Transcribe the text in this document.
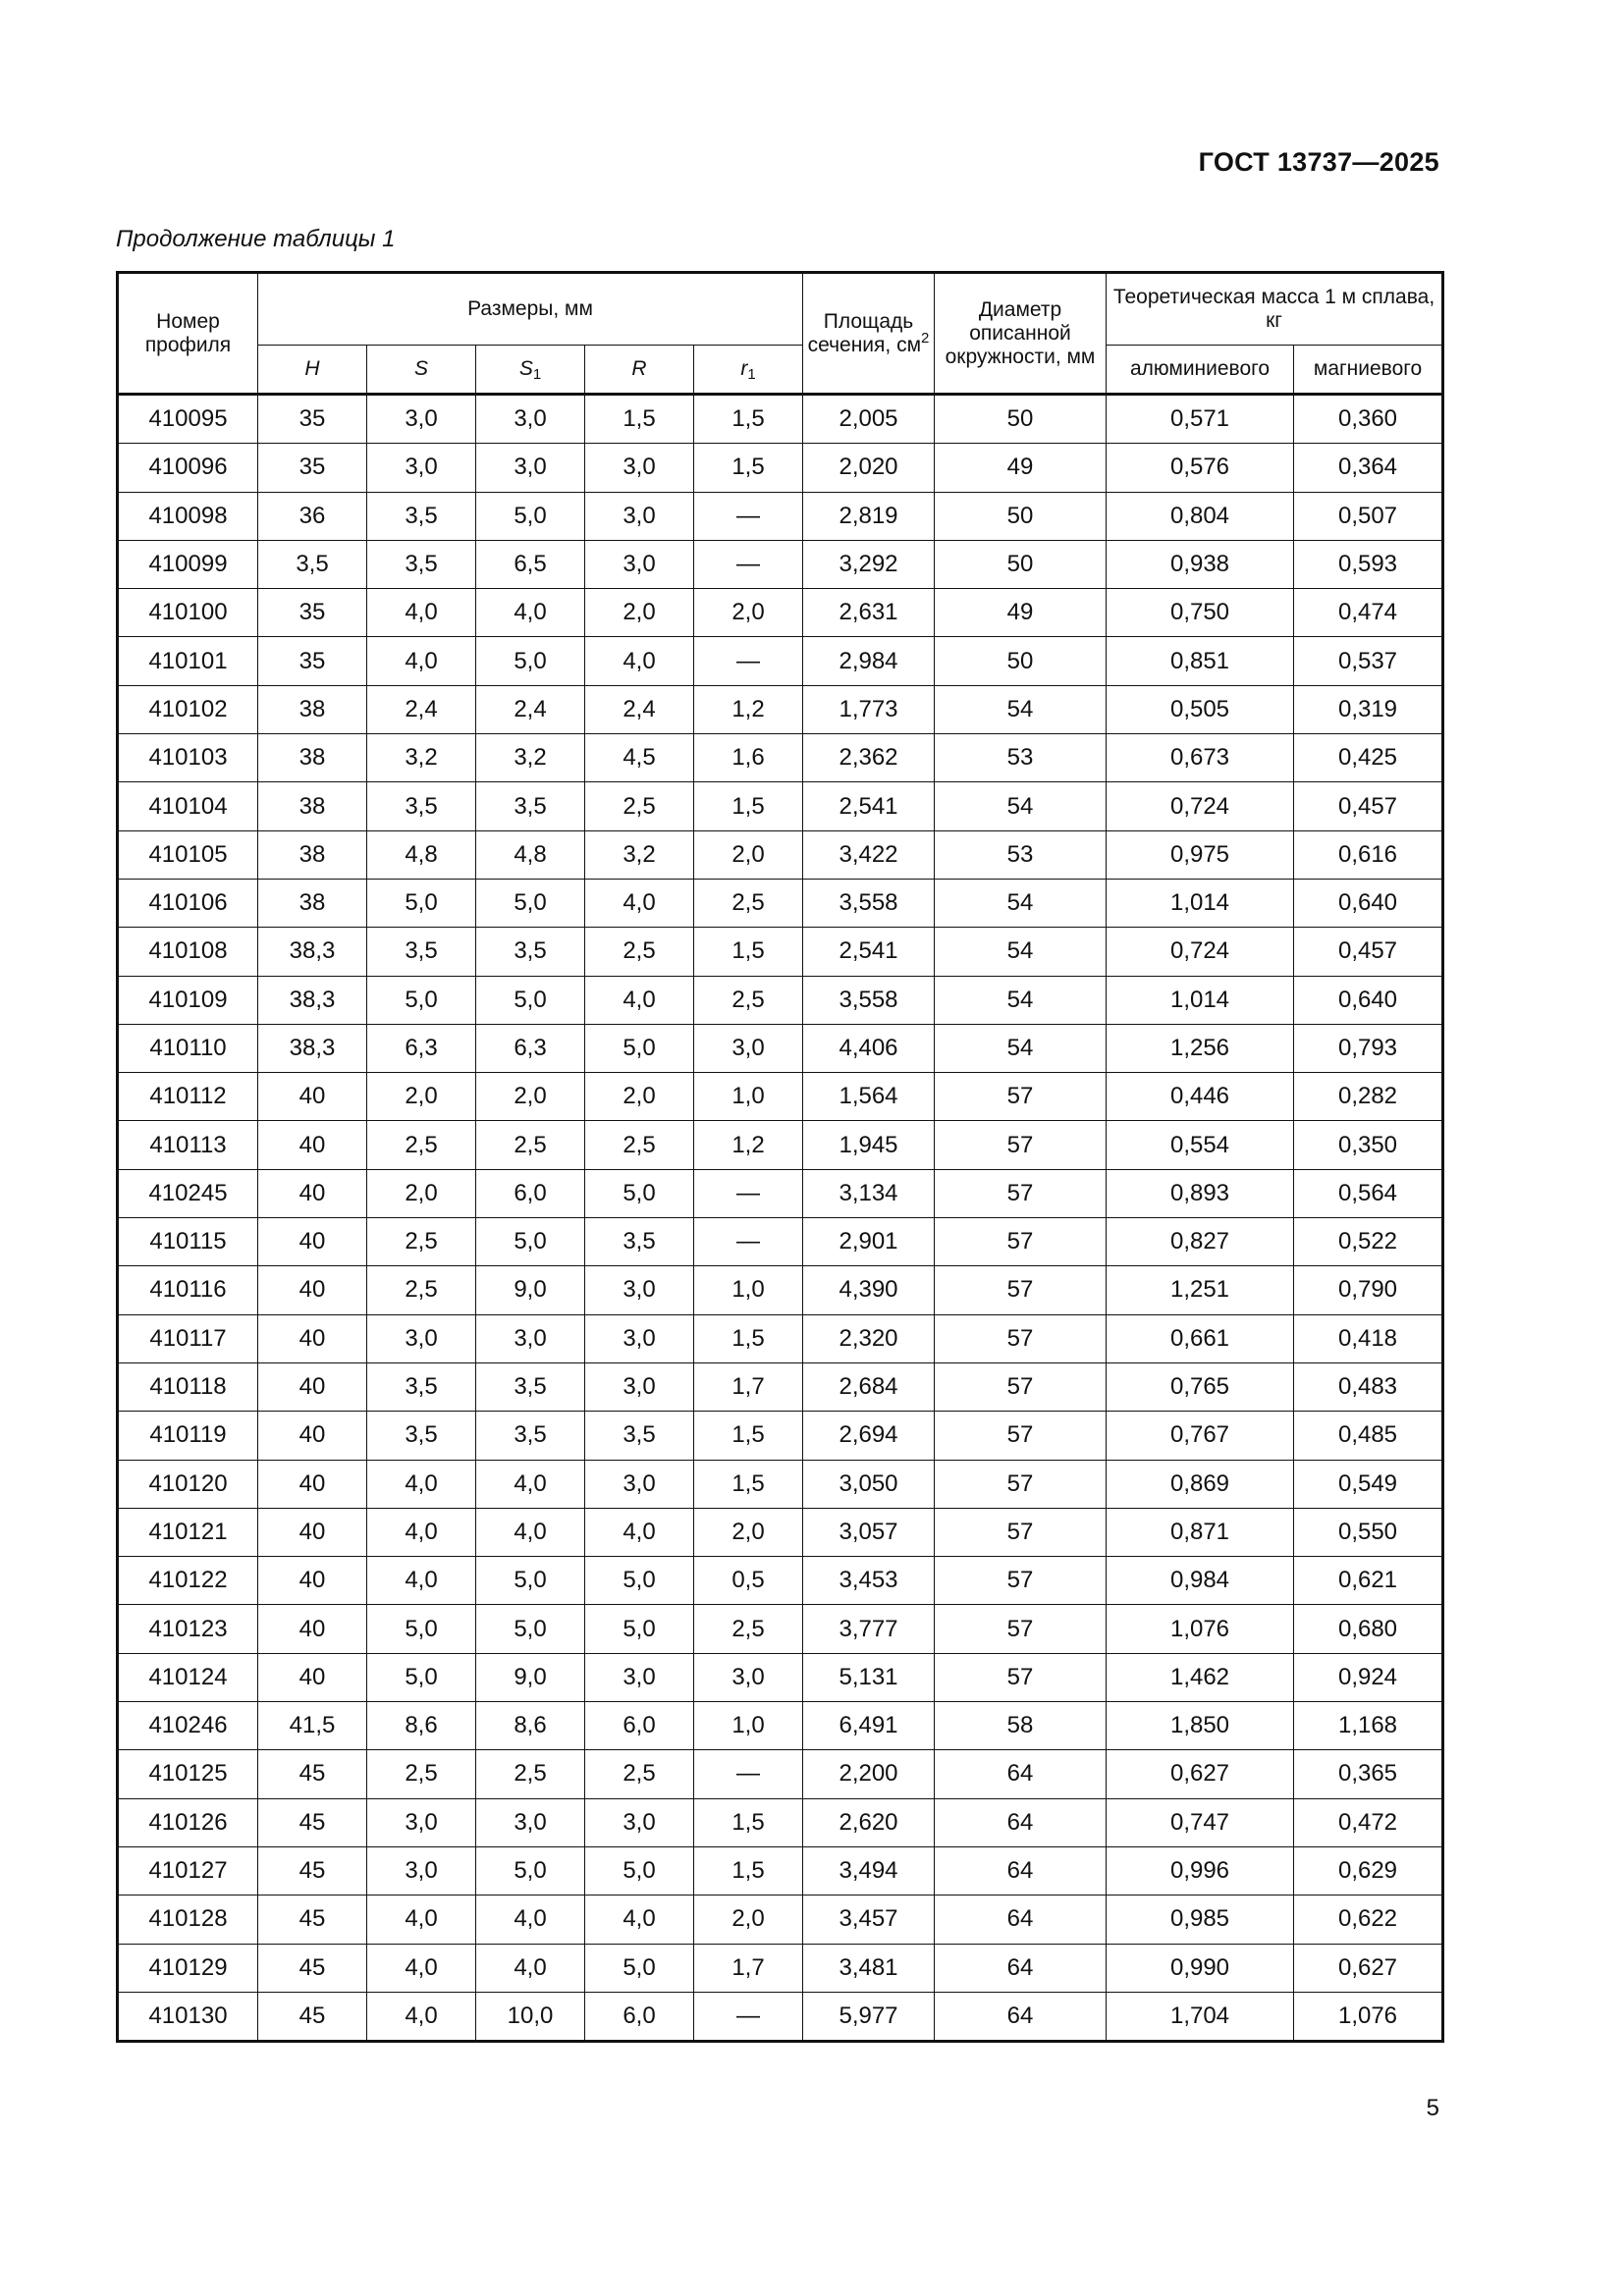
ГОСТ 13737—2025
Продолжение таблицы 1
Номер профиля	Размеры, мм					Площадь сечения, $см^2$	Диаметр описанной окружности, мм	Теоретическая масса 1 м сплава, кг	
	H	S	$S_1$	R	$r_1$			алюминиевого	магниевого
410095	35	3,0	3,0	1,5	1,5	2,005	50	0,571	0,360
410096	35	3,0	3,0	3,0	1,5	2,020	49	0,576	0,364
410098	36	3,5	5,0	3,0	—	2,819	50	0,804	0,507
410099	3,5	3,5	6,5	3,0	—	3,292	50	0,938	0,593
410100	35	4,0	4,0	2,0	2,0	2,631	49	0,750	0,474
410101	35	4,0	5,0	4,0	—	2,984	50	0,851	0,537
410102	38	2,4	2,4	2,4	1,2	1,773	54	0,505	0,319
410103	38	3,2	3,2	4,5	1,6	2,362	53	0,673	0,425
410104	38	3,5	3,5	2,5	1,5	2,541	54	0,724	0,457
410105	38	4,8	4,8	3,2	2,0	3,422	53	0,975	0,616
410106	38	5,0	5,0	4,0	2,5	3,558	54	1,014	0,640
410108	38,3	3,5	3,5	2,5	1,5	2,541	54	0,724	0,457
410109	38,3	5,0	5,0	4,0	2,5	3,558	54	1,014	0,640
410110	38,3	6,3	6,3	5,0	3,0	4,406	54	1,256	0,793
410112	40	2,0	2,0	2,0	1,0	1,564	57	0,446	0,282
410113	40	2,5	2,5	2,5	1,2	1,945	57	0,554	0,350
410245	40	2,0	6,0	5,0	—	3,134	57	0,893	0,564
410115	40	2,5	5,0	3,5	—	2,901	57	0,827	0,522
410116	40	2,5	9,0	3,0	1,0	4,390	57	1,251	0,790
410117	40	3,0	3,0	3,0	1,5	2,320	57	0,661	0,418
410118	40	3,5	3,5	3,0	1,7	2,684	57	0,765	0,483
410119	40	3,5	3,5	3,5	1,5	2,694	57	0,767	0,485
410120	40	4,0	4,0	3,0	1,5	3,050	57	0,869	0,549
410121	40	4,0	4,0	4,0	2,0	3,057	57	0,871	0,550
410122	40	4,0	5,0	5,0	0,5	3,453	57	0,984	0,621
410123	40	5,0	5,0	5,0	2,5	3,777	57	1,076	0,680
410124	40	5,0	9,0	3,0	3,0	5,131	57	1,462	0,924
410246	41,5	8,6	8,6	6,0	1,0	6,491	58	1,850	1,168
410125	45	2,5	2,5	2,5	—	2,200	64	0,627	0,365
410126	45	3,0	3,0	3,0	1,5	2,620	64	0,747	0,472
410127	45	3,0	5,0	5,0	1,5	3,494	64	0,996	0,629
410128	45	4,0	4,0	4,0	2,0	3,457	64	0,985	0,622
410129	45	4,0	4,0	5,0	1,7	3,481	64	0,990	0,627
410130	45	4,0	10,0	6,0	—	5,977	64	1,704	1,076
5
